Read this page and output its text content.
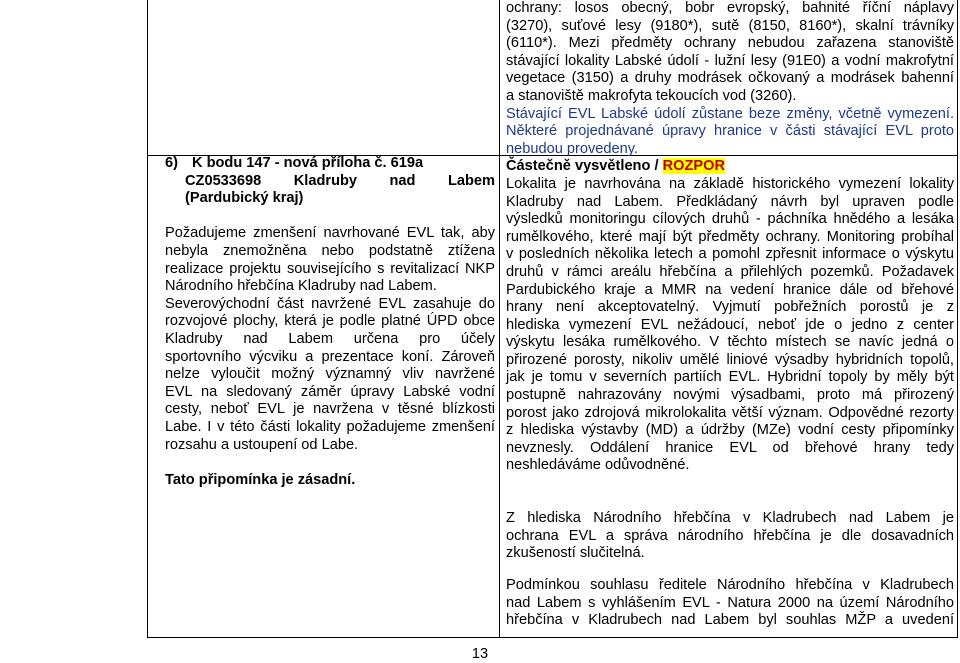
ochrany: losos obecný, bobr evropský, bahnité říční náplavy

(3270), suťové lesy (9180*), sutě (8150, 8160*), skalní trávníky

(6110*). Mezi předměty ochrany nebudou zařazena stanoviště

stávající lokality Labské údolí - lužní lesy (91E0) a vodní makrofytní

vegetace (3150) a druhy modrásek očkovaný a modrásek bahenní

a stanoviště makrofyta tekoucích vod (3260).

Stávající EVL Labské údolí zůstane beze změny, včetně vymezení.

Některé projednávané úpravy hranice v části stávající EVL proto

nebudou provedeny.

Částečně vysvětleno / ROZPOR

Lokalita je navrhována na základě historického vymezení lokality

Kladruby nad Labem. Předkládaný návrh byl upraven podle

výsledků monitoringu cílových druhů - páchníka hnědého a lesáka

rumělkového, které mají být předměty ochrany. Monitoring probíhal

v posledních několika letech a pomohl zpřesnit informace o výskytu

druhů v rámci areálu hřebčína a přilehlých pozemků. Požadavek

Pardubického kraje a MMR na vedení hranice dále od břehové

hrany není akceptovatelný. Vyjmutí pobřežních porostů je z

hlediska vymezení EVL nežádoucí, neboť jde o jedno z center

výskytu lesáka rumělkového. V těchto místech se navíc jedná o

přirozené porosty, nikoliv umělé liniové výsadby hybridních topolů,

jak je tomu v severních partiích EVL. Hybridní topoly by měly být

postupně nahrazovány novými výsadbami, proto má přirozený

porost jako zdrojová mikrolokalita větší význam. Odpovědné rezorty

z hlediska výstavby (MD) a údržby (MZe) vodní cesty připomínky

nevznesly. Oddálení hranice EVL od břehové hrany tedy

neshledáváme odůvodněné.

Z hlediska Národního hřebčína v Kladrubech nad Labem je

ochrana EVL a správa národního hřebčína je dle dosavadních

zkušeností slučitelná.

Podmínkou souhlasu ředitele Národního hřebčína v Kladrubech

nad Labem s vyhlášením EVL - Natura 2000 na území Národního

hřebčína v Kladrubech nad Labem byl souhlas MŽP a uvedení

6) K bodu 147 - nová příloha č. 619a
CZ0533698 Kladruby nad Labem

(Pardubický kraj)

Požadujeme zmenšení navrhované EVL tak, aby

nebyla znemožněna nebo podstatně ztížena

realizace projektu souvisejícího s revitalizací NKP

Národního hřebčína Kladruby nad Labem.

Severovýchodní část navržené EVL zasahuje do

rozvojové plochy, která je podle platné ÚPD obce

Kladruby nad Labem určena pro účely

sportovního výcviku a prezentace koní. Zároveň

nelze vyloučit možný významný vliv navržené

EVL na sledovaný záměr úpravy Labské vodní

cesty, neboť EVL je navržena v těsné blízkosti

Labe. I v této části lokality požadujeme zmenšení

rozsahu a ustoupení od Labe.

Tato připomínka je zásadní.

13
